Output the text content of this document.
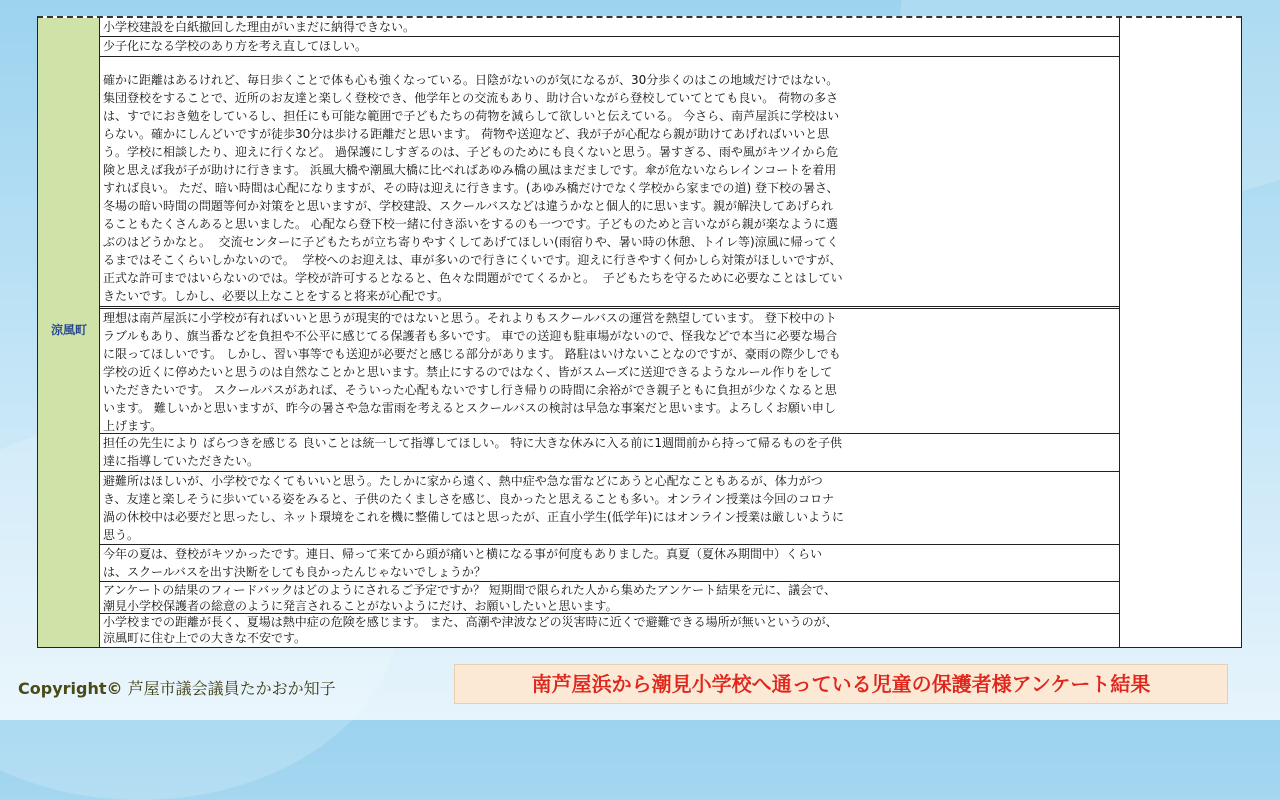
涼風町

小学校建設を白紙撤回した理由がいまだに納得できない。

少子化になる学校のあり方を考え直してほしい。

確かに距離はあるけれど、毎日歩くことで体も心も強くなっている。日陰がないのが気になるが、30分歩くのはこの地域だけではない。
集団登校をすることで、近所のお友達と楽しく登校でき、他学年との交流もあり、助け合いながら登校していてとても良い。 荷物の多さ
は、すでにおき勉をしているし、担任にも可能な範囲で子どもたちの荷物を減らして欲しいと伝えている。 今さら、南芦屋浜に学校はい
らない。確かにしんどいですが徒歩30分は歩ける距離だと思います。 荷物や送迎など、我が子が心配なら親が助けてあげればいいと思
う。学校に相談したり、迎えに行くなど。 過保護にしすぎるのは、子どものためにも良くないと思う。暑すぎる、雨や風がキツイから危
険と思えば我が子が助けに行きます。 浜風大橋や潮風大橋に比べればあゆみ橋の風はまだましです。傘が危ないならレインコートを着用
すれば良い。 ただ、暗い時間は心配になりますが、その時は迎えに行きます。(あゆみ橋だけでなく学校から家までの道) 登下校の暑さ、
冬場の暗い時間の問題等何か対策をと思いますが、学校建設、スクールバスなどは違うかなと個人的に思います。親が解決してあげられ
ることもたくさんあると思いました。 心配なら登下校一緒に付き添いをするのも一つです。子どものためと言いながら親が楽なように選
ぶのはどうかなと。  交流センターに子どもたちが立ち寄りやすくしてあげてほしい(雨宿りや、暑い時の休憩、トイレ等)涼風に帰ってく
るまではそこくらいしかないので。  学校へのお迎えは、車が多いので行きにくいです。迎えに行きやすく何かしら対策がほしいですが、
正式な許可まではいらないのでは。学校が許可するとなると、色々な問題がでてくるかと。  子どもたちを守るために必要なことはしてい
きたいです。しかし、必要以上なことをすると将来が心配です。

理想は南芦屋浜に小学校が有ればいいと思うが現実的ではないと思う。それよりもスクールバスの運営を熱望しています。 登下校中のト
ラブルもあり、旗当番などを負担や不公平に感じてる保護者も多いです。 車での送迎も駐車場がないので、怪我などで本当に必要な場合
に限ってほしいです。 しかし、習い事等でも送迎が必要だと感じる部分があります。 路駐はいけないことなのですが、豪雨の際少しでも
学校の近くに停めたいと思うのは自然なことかと思います。禁止にするのではなく、皆がスムーズに送迎できるようなルール作りをして
いただきたいです。 スクールバスがあれば、そういった心配もないですし行き帰りの時間に余裕ができ親子ともに負担が少なくなると思
います。 難しいかと思いますが、昨今の暑さや急な雷雨を考えるとスクールバスの検討は早急な事案だと思います。よろしくお願い申し
上げます。

担任の先生により ばらつきを感じる 良いことは統一して指導してほしい。 特に大きな休みに入る前に1週間前から持って帰るものを子供
達に指導していただきたい。

避難所はほしいが、小学校でなくてもいいと思う。たしかに家から遠く、熱中症や急な雷などにあうと心配なこともあるが、体力がつ
き、友達と楽しそうに歩いている姿をみると、子供のたくましさを感じ、良かったと思えることも多い。オンライン授業は今回のコロナ
渦の休校中は必要だと思ったし、ネット環境をこれを機に整備してはと思ったが、正直小学生(低学年)にはオンライン授業は厳しいように
思う。

今年の夏は、登校がキツかったです。連日、帰って来てから頭が痛いと横になる事が何度もありました。真夏（夏休み期間中）くらい
は、スクールバスを出す決断をしても良かったんじゃないでしょうか？

アンケートの結果のフィードバックはどのようにされるご予定ですか？ 短期間で限られた人から集めたアンケート結果を元に、議会で、
潮見小学校保護者の総意のように発言されることがないようにだけ、お願いしたいと思います。

小学校までの距離が長く、夏場は熱中症の危険を感じます。 また、高潮や津波などの災害時に近くで避難できる場所が無いというのが、
涼風町に住む上での大きな不安です。

Copyright© 芦屋市議会議員たかおか知子	南芦屋浜から潮見小学校へ通っている児童の保護者様アンケート結果
